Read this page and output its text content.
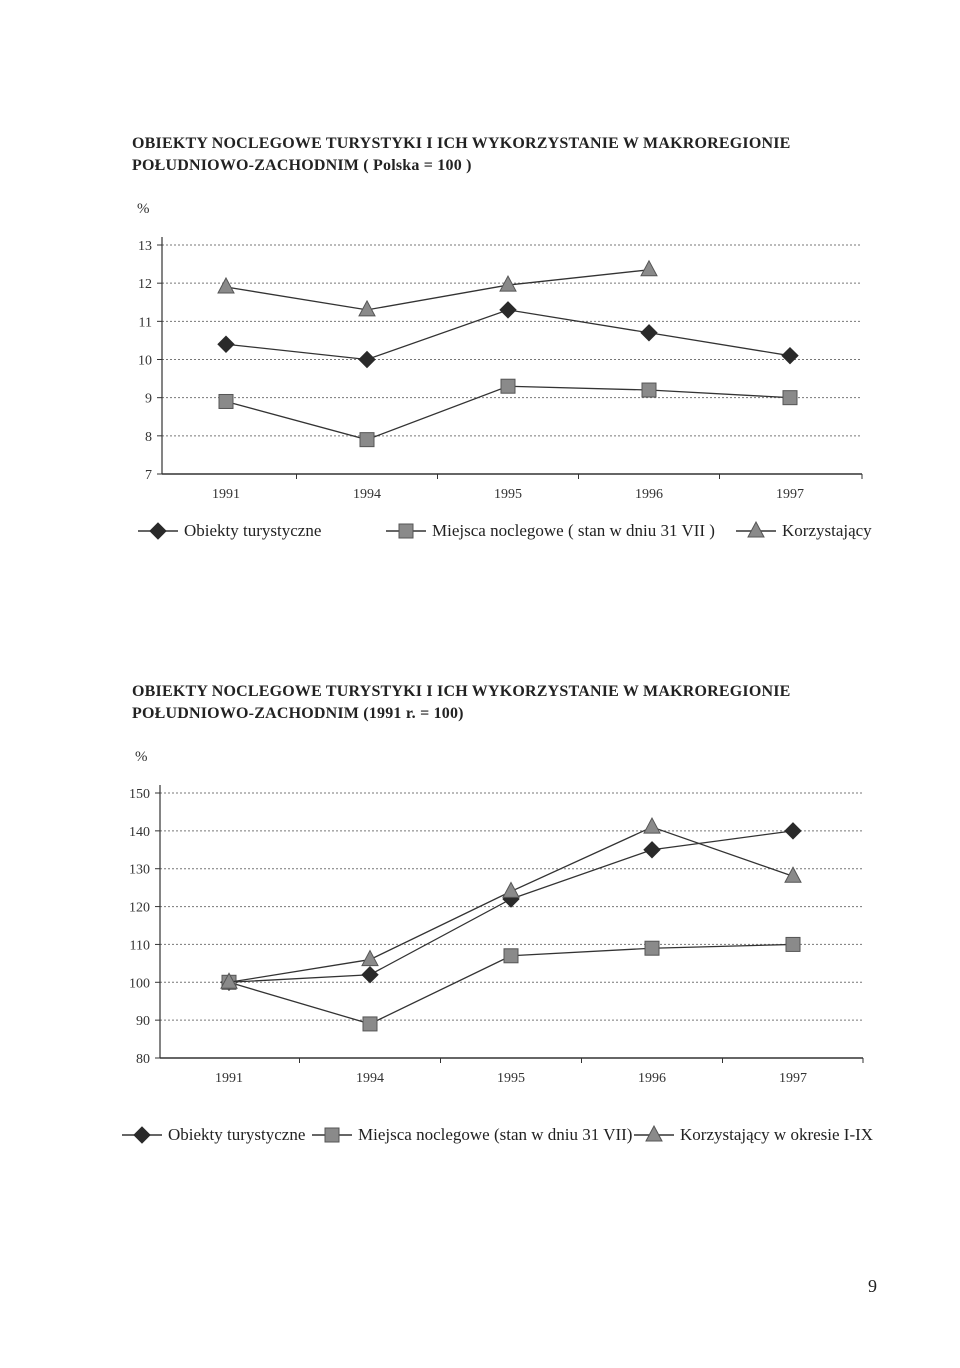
OBIEKTY NOCLEGOWE TURYSTYKI I ICH WYKORZYSTANIE W MAKROREGIONIE
POŁUDNIOWO-ZACHODNIM ( Polska = 100 )
%
7
8
9
10
11
12
13
1991	1994	1995	1996	1997
Obiekty turystyczne	Miejsca noclegowe ( stan w dniu 31 VII )	Korzystający
OBIEKTY NOCLEGOWE TURYSTYKI I ICH WYKORZYSTANIE W MAKROREGIONIE
POŁUDNIOWO-ZACHODNIM (1991 r. = 100)
%
80
90
100
110
120
130
140
150
1991	1994	1995	1996	1997
Obiekty turystyczne	Miejsca noclegowe (stan w dniu 31 VII)	Korzystający w okresie I-IX
9
